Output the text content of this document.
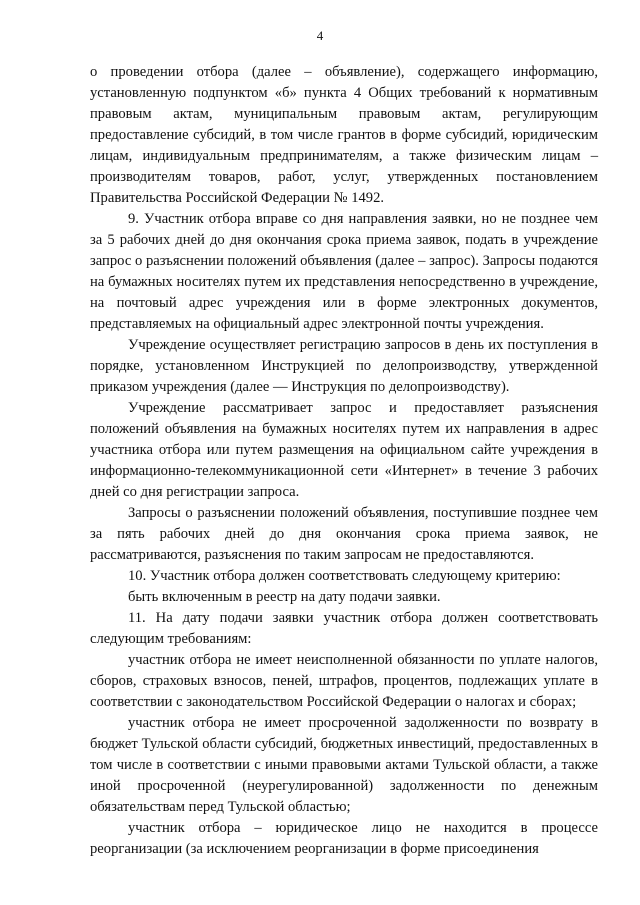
4

о проведении отбора (далее – объявление), содержащего информацию, установленную подпунктом «б» пункта 4 Общих требований к нормативным правовым актам, муниципальным правовым актам, регулирующим предоставление субсидий, в том числе грантов в форме субсидий, юридическим лицам, индивидуальным предпринимателям, а также физическим лицам – производителям товаров, работ, услуг, утвержденных постановлением Правительства Российской Федерации № 1492.

9. Участник отбора вправе со дня направления заявки, но не позднее чем за 5 рабочих дней до дня окончания срока приема заявок, подать в учреждение запрос о разъяснении положений объявления (далее – запрос). Запросы подаются на бумажных носителях путем их представления непосредственно в учреждение, на почтовый адрес учреждения или в форме электронных документов, представляемых на официальный адрес электронной почты учреждения.

Учреждение осуществляет регистрацию запросов в день их поступления в порядке, установленном Инструкцией по делопроизводству, утвержденной приказом учреждения (далее — Инструкция по делопроизводству).

Учреждение рассматривает запрос и предоставляет разъяснения положений объявления на бумажных носителях путем их направления в адрес участника отбора или путем размещения на официальном сайте учреждения в информационно-телекоммуникационной сети «Интернет» в течение 3 рабочих дней со дня регистрации запроса.

Запросы о разъяснении положений объявления, поступившие позднее чем за пять рабочих дней до дня окончания срока приема заявок, не рассматриваются, разъяснения по таким запросам не предоставляются.

10. Участник отбора должен соответствовать следующему критерию:

быть включенным в реестр на дату подачи заявки.

11. На дату подачи заявки участник отбора должен соответствовать следующим требованиям:

участник отбора не имеет неисполненной обязанности по уплате налогов, сборов, страховых взносов, пеней, штрафов, процентов, подлежащих уплате в соответствии с законодательством Российской Федерации о налогах и сборах;

участник отбора не имеет просроченной задолженности по возврату в бюджет Тульской области субсидий, бюджетных инвестиций, предоставленных в том числе в соответствии с иными правовыми актами Тульской области, а также иной просроченной (неурегулированной) задолженности по денежным обязательствам перед Тульской областью;

участник отбора – юридическое лицо не находится в процессе реорганизации (за исключением реорганизации в форме присоединения
